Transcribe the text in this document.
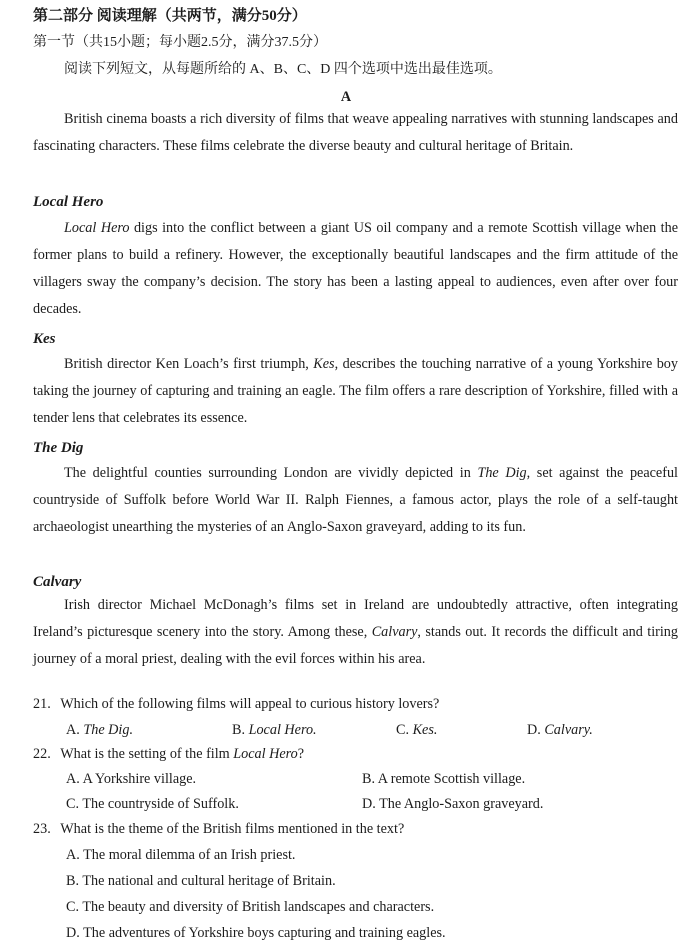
第二部分 阅读理解（共两节，满分50分）
第一节（共15小题；每小题2.5分，满分37.5分）
阅读下列短文，从每题所给的 A、B、C、D 四个选项中选出最佳选项。
A
British cinema boasts a rich diversity of films that weave appealing narratives with stunning landscapes and fascinating characters. These films celebrate the diverse beauty and cultural heritage of Britain.
Local Hero
Local Hero digs into the conflict between a giant US oil company and a remote Scottish village when the former plans to build a refinery. However, the exceptionally beautiful landscapes and the firm attitude of the villagers sway the company’s decision. The story has been a lasting appeal to audiences, even after over four decades.
Kes
British director Ken Loach’s first triumph, Kes, describes the touching narrative of a young Yorkshire boy taking the journey of capturing and training an eagle. The film offers a rare description of Yorkshire, filled with a tender lens that celebrates its essence.
The Dig
The delightful counties surrounding London are vividly depicted in The Dig, set against the peaceful countryside of Suffolk before World War II. Ralph Fiennes, a famous actor, plays the role of a self-taught archaeologist unearthing the mysteries of an Anglo-Saxon graveyard, adding to its fun.
Calvary
Irish director Michael McDonagh’s films set in Ireland are undoubtedly attractive, often integrating Ireland’s picturesque scenery into the story. Among these, Calvary, stands out. It records the difficult and tiring journey of a moral priest, dealing with the evil forces within his area.
21. Which of the following films will appeal to curious history lovers?
A. The Dig.	B. Local Hero.	C. Kes.	D. Calvary.
22. What is the setting of the film Local Hero?
A. A Yorkshire village.	B. A remote Scottish village.
C. The countryside of Suffolk.	D. The Anglo-Saxon graveyard.
23. What is the theme of the British films mentioned in the text?
A. The moral dilemma of an Irish priest.
B. The national and cultural heritage of Britain.
C. The beauty and diversity of British landscapes and characters.
D. The adventures of Yorkshire boys capturing and training eagles.
